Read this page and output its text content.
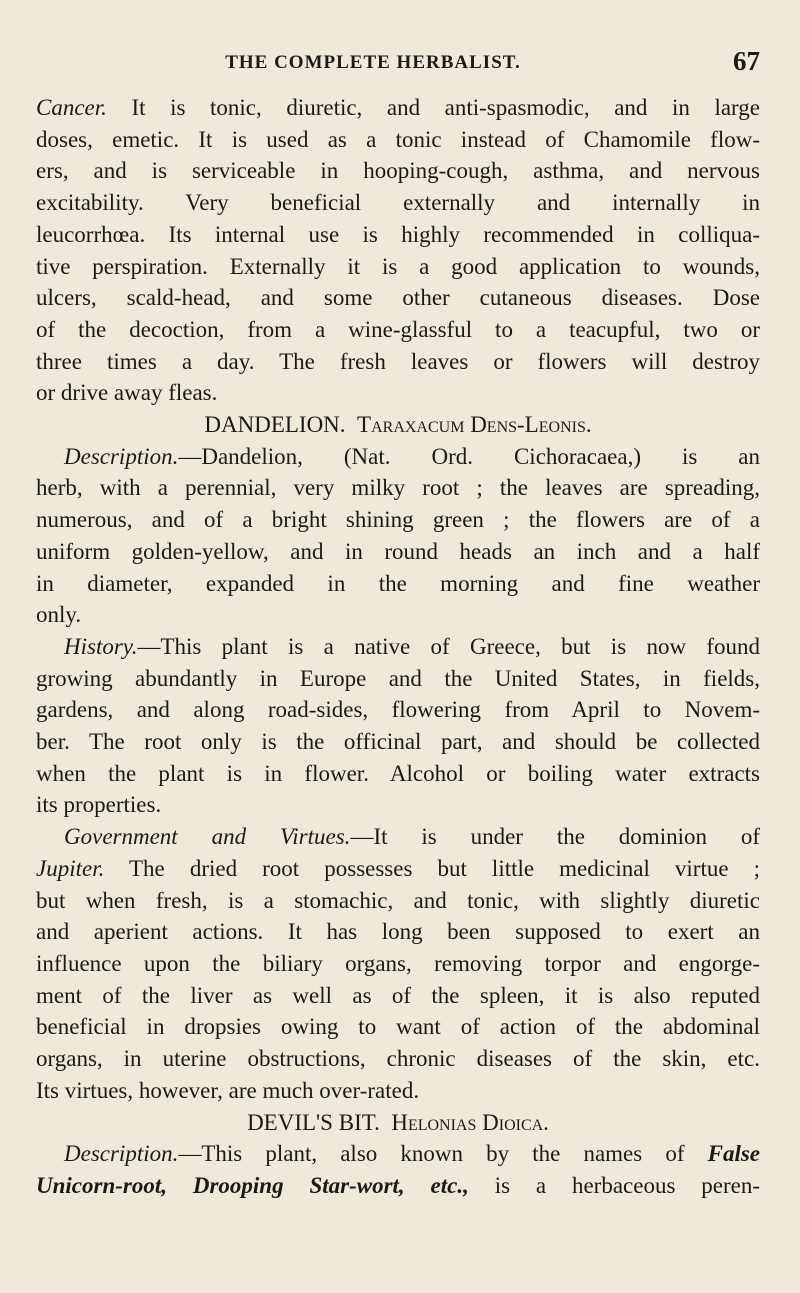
THE COMPLETE HERBALIST.	67
Cancer. It is tonic, diuretic, and anti-spasmodic, and in large
doses, emetic. It is used as a tonic instead of Chamomile flow-
ers, and is serviceable in hooping-cough, asthma, and nervous
excitability. Very beneficial externally and internally in
leucorrhœa. Its internal use is highly recommended in colliqua-
tive perspiration. Externally it is a good application to wounds,
ulcers, scald-head, and some other cutaneous diseases. Dose
of the decoction, from a wine-glassful to a teacupful, two or
three times a day. The fresh leaves or flowers will destroy
or drive away fleas.
DANDELION. Taraxacum Dens-Leonis.
Description.—Dandelion, (Nat. Ord. Cichoracaea,) is an
herb, with a perennial, very milky root ; the leaves are spreading,
numerous, and of a bright shining green ; the flowers are of a
uniform golden-yellow, and in round heads an inch and a half
in diameter, expanded in the morning and fine weather
only.
History.—This plant is a native of Greece, but is now found
growing abundantly in Europe and the United States, in fields,
gardens, and along road-sides, flowering from April to Novem-
ber. The root only is the officinal part, and should be collected
when the plant is in flower. Alcohol or boiling water extracts
its properties.
Government and Virtues.—It is under the dominion of
Jupiter. The dried root possesses but little medicinal virtue ;
but when fresh, is a stomachic, and tonic, with slightly diuretic
and aperient actions. It has long been supposed to exert an
influence upon the biliary organs, removing torpor and engorge-
ment of the liver as well as of the spleen, it is also reputed
beneficial in dropsies owing to want of action of the abdominal
organs, in uterine obstructions, chronic diseases of the skin, etc.
Its virtues, however, are much over-rated.
DEVIL'S BIT. Helonias Dioica.
Description.—This plant, also known by the names of False
Unicorn-root, Drooping Star-wort, etc., is a herbaceous peren-
